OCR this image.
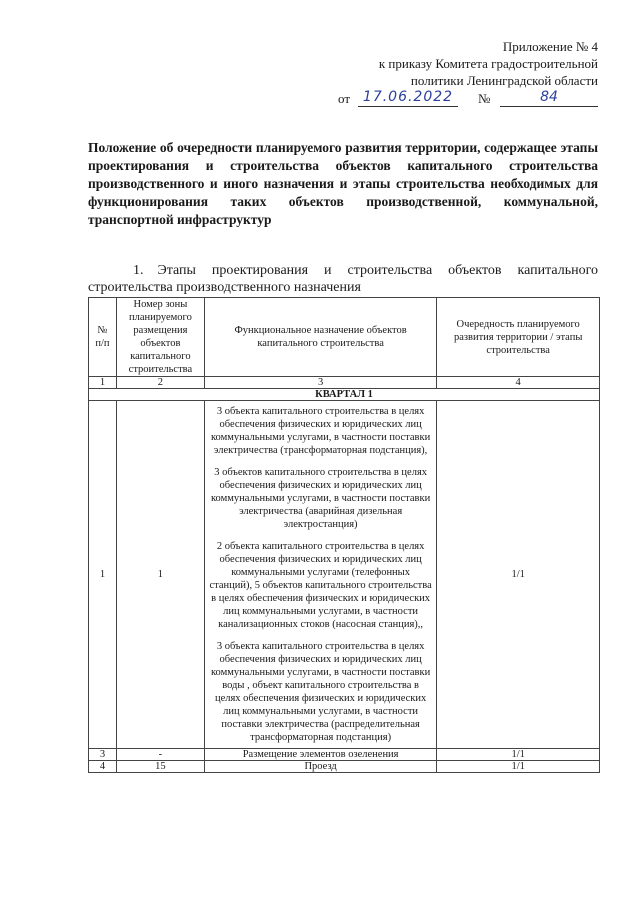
Приложение № 4
к приказу Комитета градостроительной
политики Ленинградской области
от 17.06.2022	№	84
Положение об очередности планируемого развития территории, содержащее этапы проектирования и строительства объектов капитального строительства производственного и иного назначения и этапы строительства необходимых для функционирования таких объектов производственной, коммунальной, транспортной инфраструктур
1. Этапы проектирования и строительства объектов капитального строительства производственного назначения
№ п/п	Номер зоны планируемого размещения объектов капитального строительства	Функциональное назначение объектов капитального строительства	Очередность планируемого развития территории / этапы строительства
1	2	3	4
КВАРТАЛ 1			
1	1	3 объекта капитального строительства в целях обеспечения физических и юридических лиц коммунальными услугами, в частности поставки электричества (трансформаторная подстанция),

3 объектов капитального строительства в целях обеспечения физических и юридических лиц коммунальными услугами, в частности поставки электричества (аварийная дизельная электростанция)

2 объекта капитального строительства в целях обеспечения физических и юридических лиц коммунальными услугами (телефонных станций), 5 объектов капитального строительства в целях обеспечения физических и юридических лиц коммунальными услугами, в частности канализационных стоков (насосная станция),,

3 объекта капитального строительства в целях обеспечения физических и юридических лиц коммунальными услугами, в частности поставки воды , объект капитального строительства в целях обеспечения физических и юридических лиц коммунальными услугами, в частности поставки электричества (распределительная трансформаторная подстанция)	1/1
3	-	Размещение элементов озеленения	1/1
4	15	Проезд	1/1
